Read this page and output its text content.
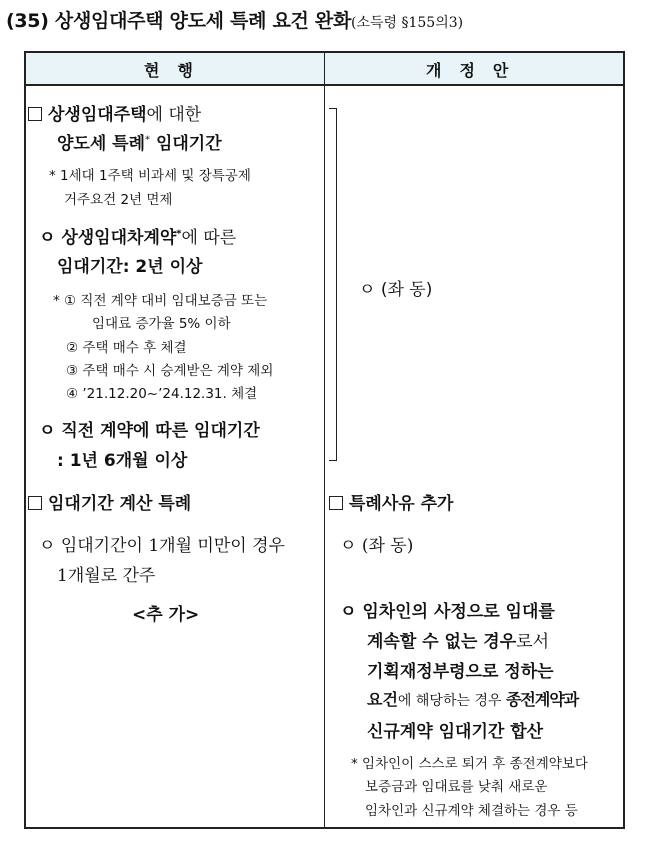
(35) 상생임대주택 양도세 특례 요건 완화(소득령 §155의3)
현행	개정안
상생임대주택에 대한
양도세 특례* 임대기간
* 1세대 1주택 비과세 및 장특공제
거주요건 2년 면제
ㅇ 상생임대차계약*에 따른
임대기간: 2년 이상
* ① 직전 계약 대비 임대보증금 또는
임대료 증가율 5% 이하
② 주택 매수 후 체결
③ 주택 매수 시 승계받은 계약 제외
④ ’21.12.20~’24.12.31. 체결
ㅇ 직전 계약에 따른 임대기간
: 1년 6개월 이상
임대기간 계산 특례
ㅇ 임대기간이 1개월 미만이 경우
1개월로 간주
<추 가>
ㅇ (좌 동)
특례사유 추가
ㅇ (좌 동)
ㅇ 임차인의 사정으로 임대를
계속할 수 없는 경우로서
기획재정부령으로 정하는
요건에 해당하는 경우 종전계약과
신규계약 임대기간 합산
* 임차인이 스스로 퇴거 후 종전계약보다
보증금과 임대료를 낮춰 새로운
임차인과 신규계약 체결하는 경우 등
